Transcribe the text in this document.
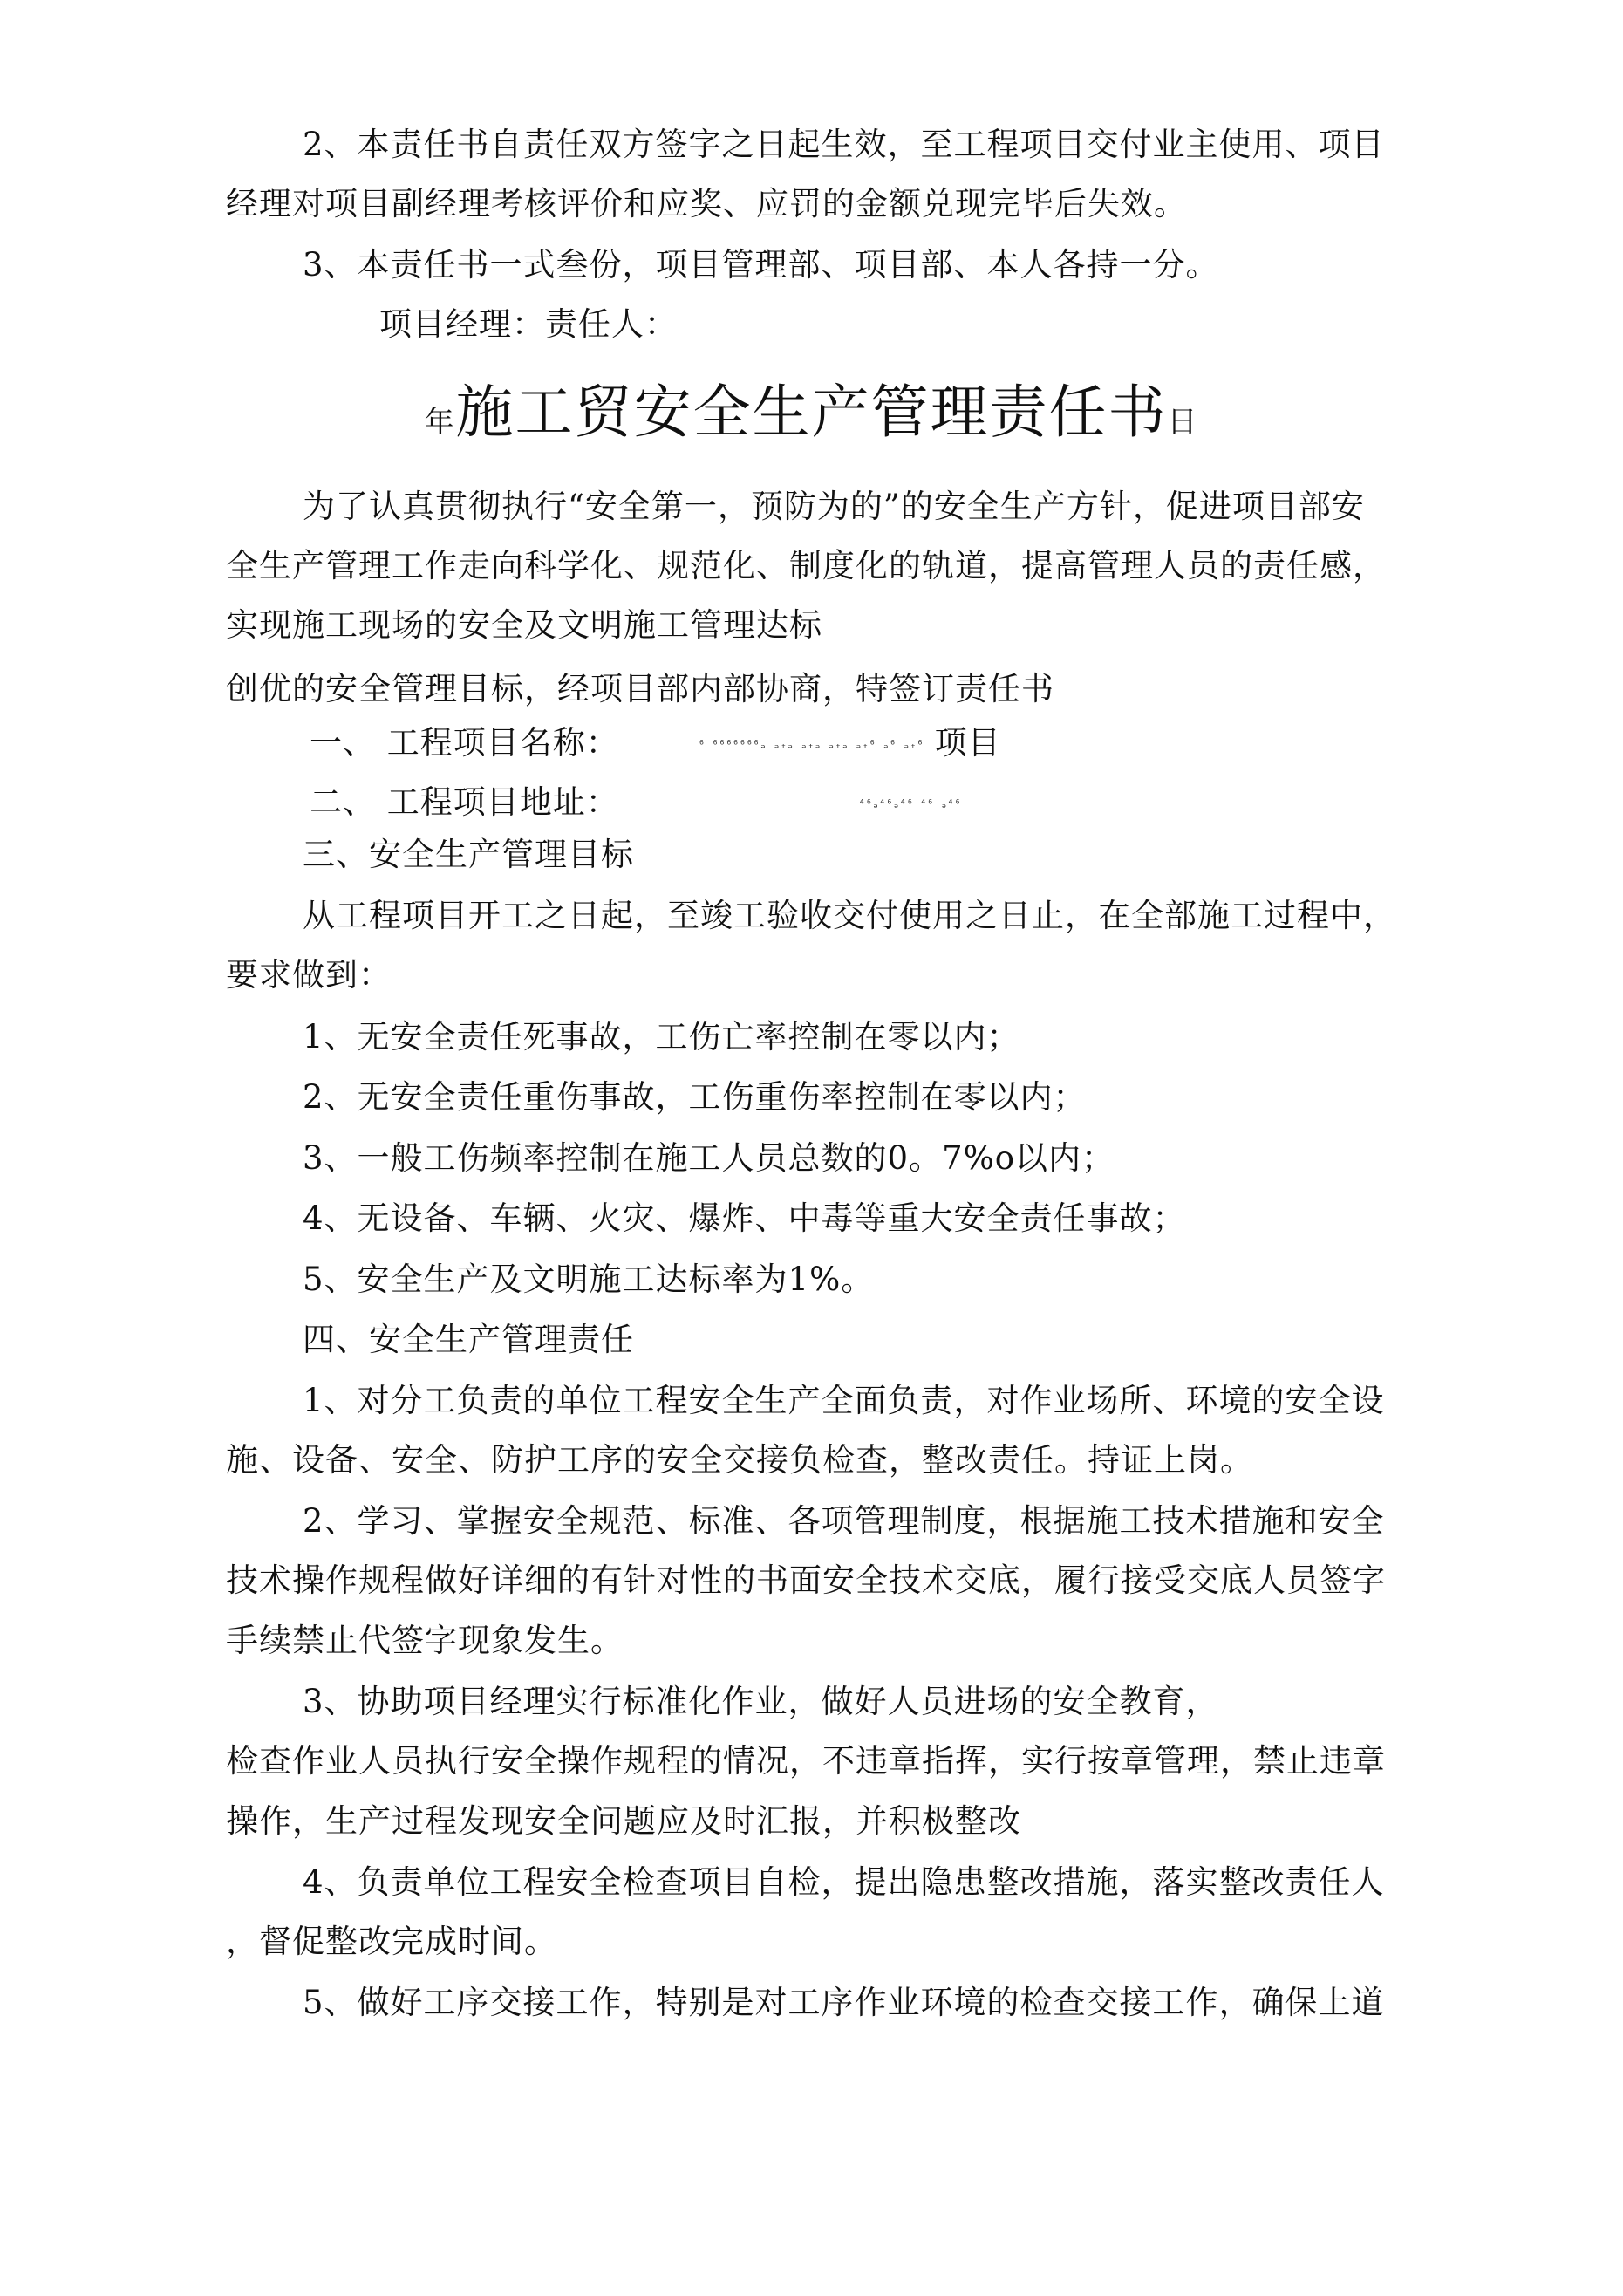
2、本责任书自责任双方签字之日起生效，至工程项目交付业主使用、项目

经理对项目副经理考核评价和应奖、应罚的金额兑现完毕后失效。

3、本责任书一式叁份，项目管理部、项目部、本人各持一分。

项目经理：责任人：

年施工贸安全生产管理责任书日

为了认真贯彻执行“安全第一，预防为的”的安全生产方针，促进项目部安

全生产管理工作走向科学化、规范化、制度化的轨道，提高管理人员的责任感，

实现施工现场的安全及文明施工管理达标

创优的安全管理目标，经项目部内部协商，特签订责任书

一、 工程项目名称：	⁶ ⁶⁶⁶⁶⁶⁶⁶ₔ ₔₜₔ ₔₜₔ ₔₜₔ ₔₜ⁶ ₔ⁶ ₔₜ⁶ 项目

二、 工程项目地址：	⁴⁶ₔ⁴⁶ₔ⁴⁶ ⁴⁶ ₔ⁴⁶

三、安全生产管理目标

从工程项目开工之日起，至竣工验收交付使用之日止，在全部施工过程中，

要求做到：

1、无安全责任死事故，工伤亡率控制在零以内；

2、无安全责任重伤事故，工伤重伤率控制在零以内；

3、一般工伤频率控制在施工人员总数的0。7%o以内；

4、无设备、车辆、火灾、爆炸、中毒等重大安全责任事故；

5、安全生产及文明施工达标率为1%。

四、安全生产管理责任

1、对分工负责的单位工程安全生产全面负责，对作业场所、环境的安全设

施、设备、安全、防护工序的安全交接负检查，整改责任。持证上岗。

2、学习、掌握安全规范、标准、各项管理制度，根据施工技术措施和安全

技术操作规程做好详细的有针对性的书面安全技术交底，履行接受交底人员签字

手续禁止代签字现象发生。

3、协助项目经理实行标准化作业，做好人员进场的安全教育，

检查作业人员执行安全操作规程的情况，不违章指挥，实行按章管理，禁止违章

操作，生产过程发现安全问题应及时汇报，并积极整改

4、负责单位工程安全检查项目自检，提出隐患整改措施，落实整改责任人

，督促整改完成时间。

5、做好工序交接工作，特别是对工序作业环境的检查交接工作，确保上道
